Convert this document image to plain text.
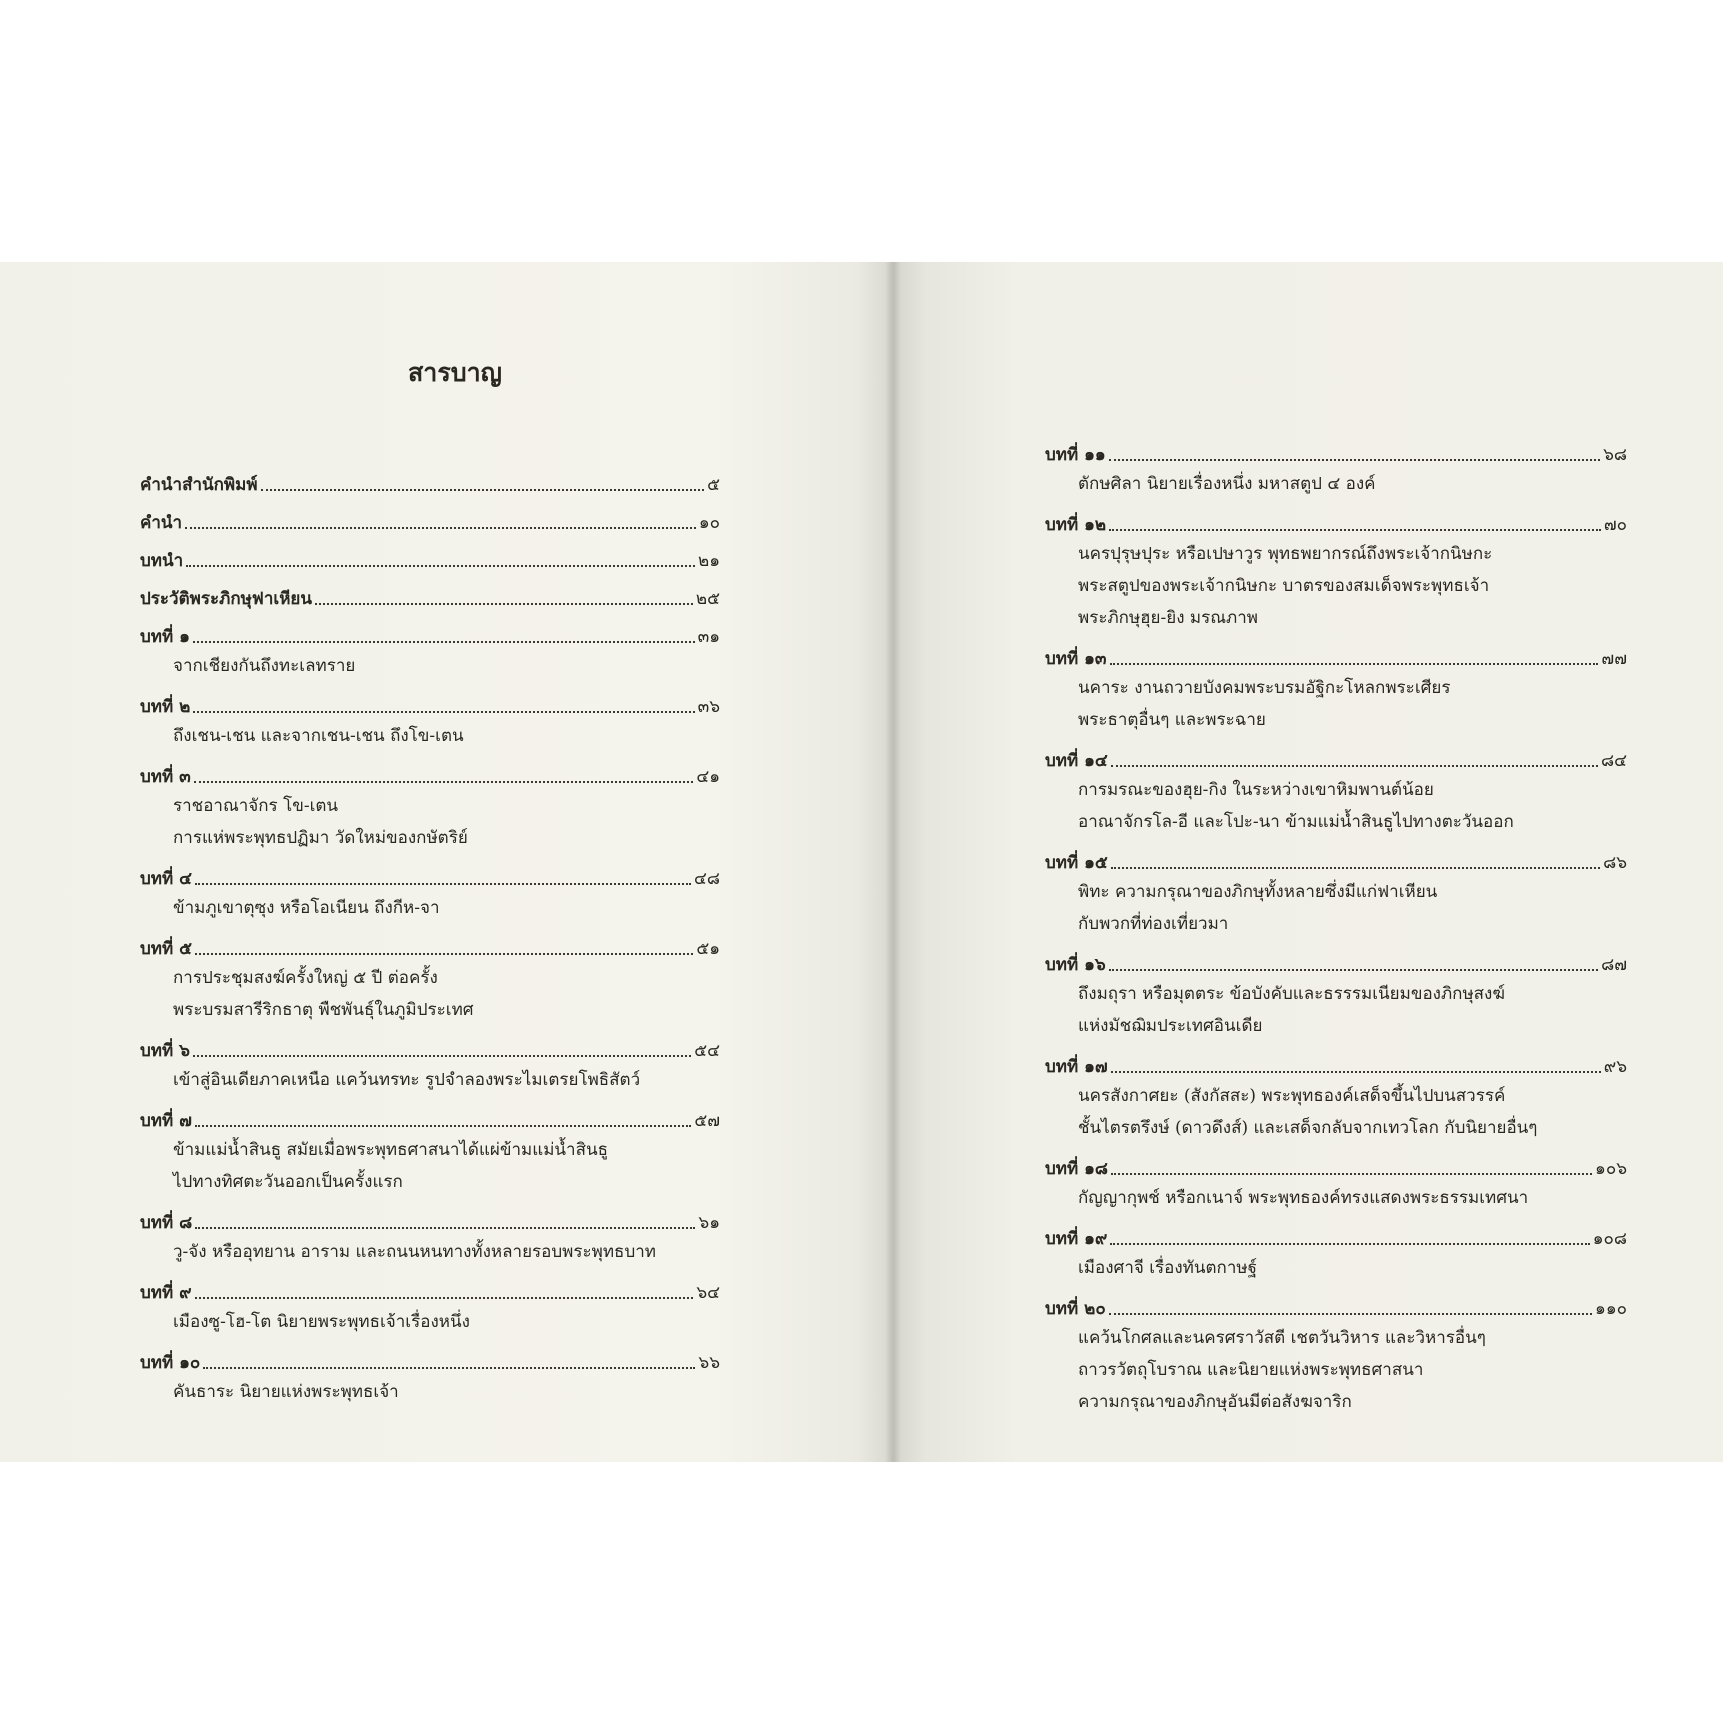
สารบาญ
คำนำสำนักพิมพ์	๕
คำนำ	๑๐
บทนำ	๒๑
ประวัติพระภิกษุฟาเหียน	๒๕
บทที่ ๑	๓๑
จากเชียงกันถึงทะเลทราย
บทที่ ๒	๓๖
ถึงเชน-เชน และจากเชน-เชน ถึงโข-เตน
บทที่ ๓	๔๑
ราชอาณาจักร โข-เตน
การแห่พระพุทธปฏิมา วัดใหม่ของกษัตริย์
บทที่ ๔	๔๘
ข้ามภูเขาตุซุง หรือโอเนียน ถึงกีห-จา
บทที่ ๕	๕๑
การประชุมสงฆ์ครั้งใหญ่ ๕ ปี ต่อครั้ง
พระบรมสารีริกธาตุ พืชพันธุ์ในภูมิประเทศ
บทที่ ๖	๕๔
เข้าสู่อินเดียภาคเหนือ แคว้นทรทะ รูปจำลองพระไมเตรยโพธิสัตว์
บทที่ ๗	๕๗
ข้ามแม่น้ำสินธู สมัยเมื่อพระพุทธศาสนาได้แผ่ข้ามแม่น้ำสินธู
ไปทางทิศตะวันออกเป็นครั้งแรก
บทที่ ๘	๖๑
วู-จัง หรืออุทยาน อาราม และถนนหนทางทั้งหลายรอบพระพุทธบาท
บทที่ ๙	๖๔
เมืองซู-โฮ-โต นิยายพระพุทธเจ้าเรื่องหนึ่ง
บทที่ ๑๐	๖๖
คันธาระ นิยายแห่งพระพุทธเจ้า
บทที่ ๑๑	๖๘
ตักษศิลา นิยายเรื่องหนึ่ง มหาสตูป ๔ องค์
บทที่ ๑๒	๗๐
นครปุรุษปุระ หรือเปษาวูร พุทธพยากรณ์ถึงพระเจ้ากนิษกะ
พระสตูปของพระเจ้ากนิษกะ บาตรของสมเด็จพระพุทธเจ้า
พระภิกษุฮุย-ยิง มรณภาพ
บทที่ ๑๓	๗๗
นคาระ งานถวายบังคมพระบรมอัฐิกะโหลกพระเศียร
พระธาตุอื่นๆ และพระฉาย
บทที่ ๑๔	๘๔
การมรณะของฮุย-กิง ในระหว่างเขาหิมพานต์น้อย
อาณาจักรโล-อี และโปะ-นา ข้ามแม่น้ำสินธูไปทางตะวันออก
บทที่ ๑๕	๘๖
พิทะ ความกรุณาของภิกษุทั้งหลายซึ่งมีแก่ฟาเหียน
กับพวกที่ท่องเที่ยวมา
บทที่ ๑๖	๘๗
ถึงมถุรา หรือมุตตระ ข้อบังคับและธรรรมเนียมของภิกษุสงฆ์
แห่งมัชฌิมประเทศอินเดีย
บทที่ ๑๗	๙๖
นครสังกาศยะ (สังกัสสะ) พระพุทธองค์เสด็จขึ้นไปบนสวรรค์
ชั้นไตรตรึงษ์ (ดาวดึงส์) และเสด็จกลับจากเทวโลก กับนิยายอื่นๆ
บทที่ ๑๘	๑๐๖
กัญญากุพช์ หรือกเนาจ์ พระพุทธองค์ทรงแสดงพระธรรมเทศนา
บทที่ ๑๙	๑๐๘
เมืองศาจี เรื่องทันตกาษฐ์
บทที่ ๒๐	๑๑๐
แคว้นโกศลและนครศราวัสตี เชตวันวิหาร และวิหารอื่นๆ
ถาวรวัตถุโบราณ และนิยายแห่งพระพุทธศาสนา
ความกรุณาของภิกษุอันมีต่อสังฆจาริก
